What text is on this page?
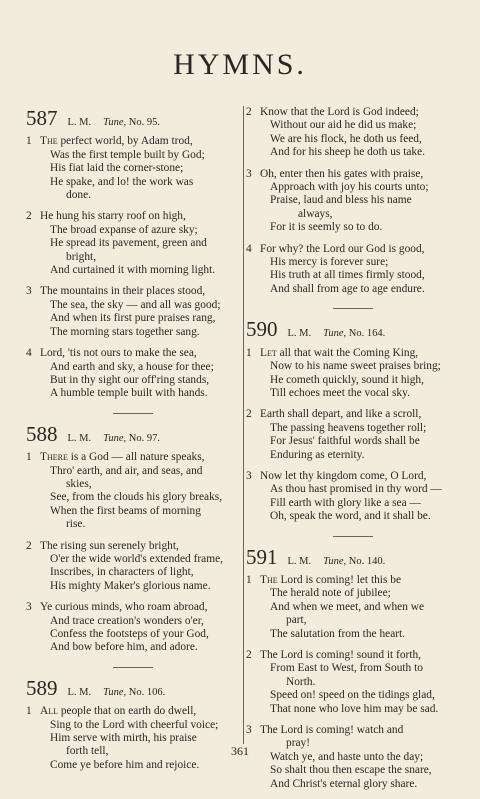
HYMNS.
587 L. M. Tune, No. 95.
1 The perfect world, by Adam trod,
Was the first temple built by God;
His fiat laid the corner-stone;
He spake, and lo! the work was
done.
2 He hung his starry roof on high,
The broad expanse of azure sky;
He spread its pavement, green and
bright,
And curtained it with morning light.
3 The mountains in their places stood,
The sea, the sky — and all was good;
And when its first pure praises rang,
The morning stars together sang.
4 Lord, 'tis not ours to make the sea,
And earth and sky, a house for thee;
But in thy sight our off'ring stands,
A humble temple built with hands.
588 L. M. Tune, No. 97.
1 There is a God — all nature speaks,
Thro' earth, and air, and seas, and
skies,
See, from the clouds his glory breaks,
When the first beams of morning
rise.
2 The rising sun serenely bright,
O'er the wide world's extended frame,
Inscribes, in characters of light,
His mighty Maker's glorious name.
3 Ye curious minds, who roam abroad,
And trace creation's wonders o'er,
Confess the footsteps of your God,
And bow before him, and adore.
589 L. M. Tune, No. 106.
1 All people that on earth do dwell,
Sing to the Lord with cheerful voice;
Him serve with mirth, his praise
forth tell,
Come ye before him and rejoice.
2 Know that the Lord is God indeed;
Without our aid he did us make;
We are his flock, he doth us feed,
And for his sheep he doth us take.
3 Oh, enter then his gates with praise,
Approach with joy his courts unto;
Praise, laud and bless his name
always,
For it is seemly so to do.
4 For why? the Lord our God is good,
His mercy is forever sure;
His truth at all times firmly stood,
And shall from age to age endure.
590 L. M. Tune, No. 164.
1 Let all that wait the Coming King,
Now to his name sweet praises bring;
He cometh quickly, sound it high,
Till echoes meet the vocal sky.
2 Earth shall depart, and like a scroll,
The passing heavens together roll;
For Jesus' faithful words shall be
Enduring as eternity.
3 Now let thy kingdom come, O Lord,
As thou hast promised in thy word —
Fill earth with glory like a sea —
Oh, speak the word, and it shall be.
591 L. M. Tune, No. 140.
1 The Lord is coming! let this be
The herald note of jubilee;
And when we meet, and when we
part,
The salutation from the heart.
2 The Lord is coming! sound it forth,
From East to West, from South to
North.
Speed on! speed on the tidings glad,
That none who love him may be sad.
3 The Lord is coming! watch and
pray!
Watch ye, and haste unto the day;
So shalt thou then escape the snare,
And Christ's eternal glory share.
361
